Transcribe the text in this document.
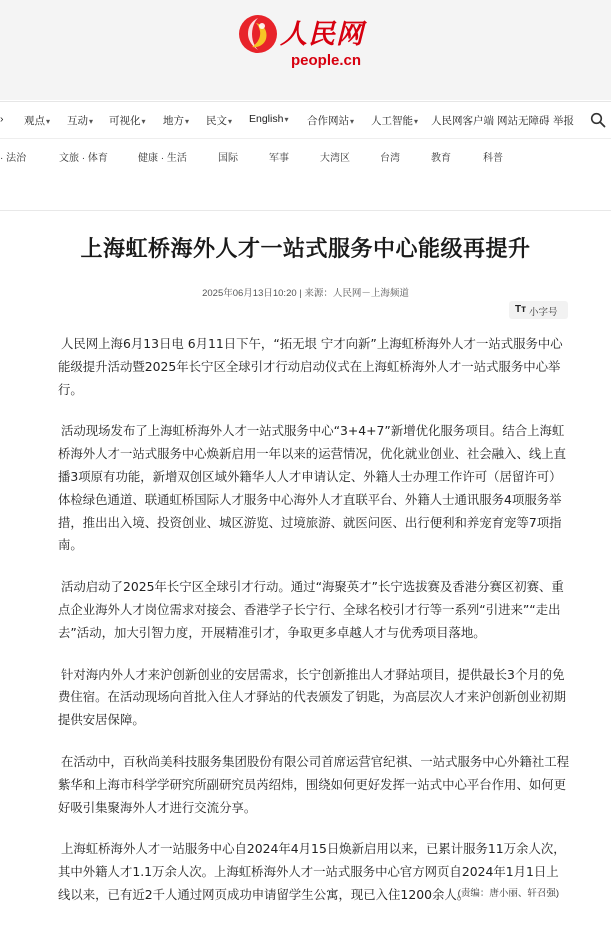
人民网
people.cn
› 观点▾ 互动▾ 可视化▾ 地方▾ 民文▾ English▾ 合作网站▾ 人工智能▾ 人民网客户端 网站无障碍 举报
· 法治	文旅 · 体育	健康 · 生活	国际	军事	大湾区	台湾	教育	科普
上海虹桥海外人才一站式服务中心能级再提升
2025年06月13日10:20 | 来源：人民网－上海频道
Tт 小字号

人民网上海6月13日电 6月11日下午，“拓无垠 宁才向新”上海虹桥海外人才一站式服务中心能级提升活动暨2025年长宁区全球引才行动启动仪式在上海虹桥海外人才一站式服务中心举行。

活动现场发布了上海虹桥海外人才一站式服务中心“3+4+7”新增优化服务项目。结合上海虹桥海外人才一站式服务中心焕新启用一年以来的运营情况，优化就业创业、社会融入、线上直播3项原有功能，新增双创区域外籍华人人才申请认定、外籍人士办理工作许可（居留许可）体检绿色通道、联通虹桥国际人才服务中心海外人才直联平台、外籍人士通讯服务4项服务举措，推出出入境、投资创业、城区游览、过境旅游、就医问医、出行便利和养宠育宠等7项指南。

活动启动了2025年长宁区全球引才行动。通过“海聚英才”长宁选拔赛及香港分赛区初赛、重点企业海外人才岗位需求对接会、香港学子长宁行、全球名校引才行等一系列“引进来”“走出去”活动，加大引智力度，开展精准引才，争取更多卓越人才与优秀项目落地。

针对海内外人才来沪创新创业的安居需求，长宁创新推出人才驿站项目，提供最长3个月的免费住宿。在活动现场向首批入住人才驿站的代表颁发了钥匙，为高层次人才来沪创新创业初期提供安居保障。

在活动中，百秋尚美科技服务集团股份有限公司首席运营官纪祺、一站式服务中心外籍社工程紫华和上海市科学学研究所副研究员芮绍炜，围绕如何更好发挥一站式中心平台作用、如何更好吸引集聚海外人才进行交流分享。

上海虹桥海外人才一站服务中心自2024年4月15日焕新启用以来，已累计服务11万余人次，其中外籍人才1.1万余人次。上海虹桥海外人才一站式服务中心官方网页自2024年1月1日上线以来，已有近2千人通过网页成功申请留学生公寓，现已入住1200余人。

(责编：唐小丽、轩召强)
